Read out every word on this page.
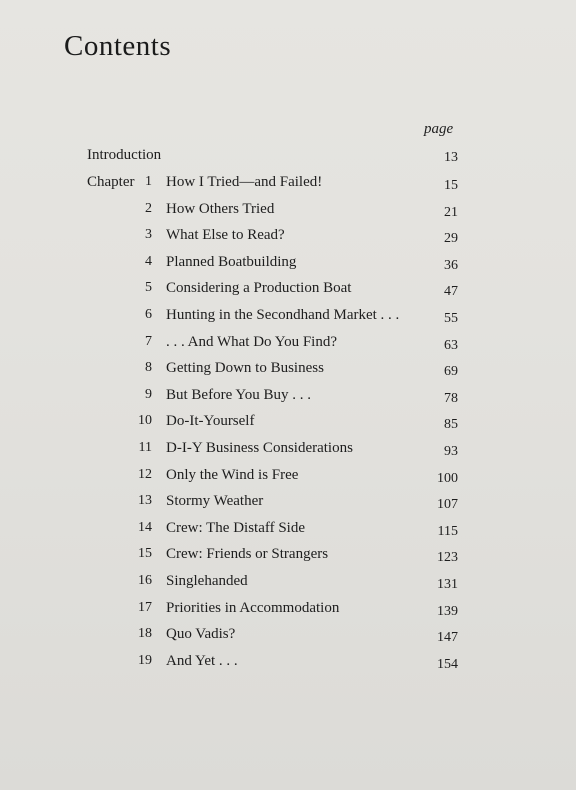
Contents
page
Introduction	13
Chapter 1 How I Tried—and Failed!	15
2 How Others Tried	21
3 What Else to Read?	29
4 Planned Boatbuilding	36
5 Considering a Production Boat	47
6 Hunting in the Secondhand Market . . .	55
7 . . . And What Do You Find?	63
8 Getting Down to Business	69
9 But Before You Buy . . .	78
10 Do-It-Yourself	85
11 D-I-Y Business Considerations	93
12 Only the Wind is Free	100
13 Stormy Weather	107
14 Crew: The Distaff Side	115
15 Crew: Friends or Strangers	123
16 Singlehanded	131
17 Priorities in Accommodation	139
18 Quo Vadis?	147
19 And Yet . . .	154
